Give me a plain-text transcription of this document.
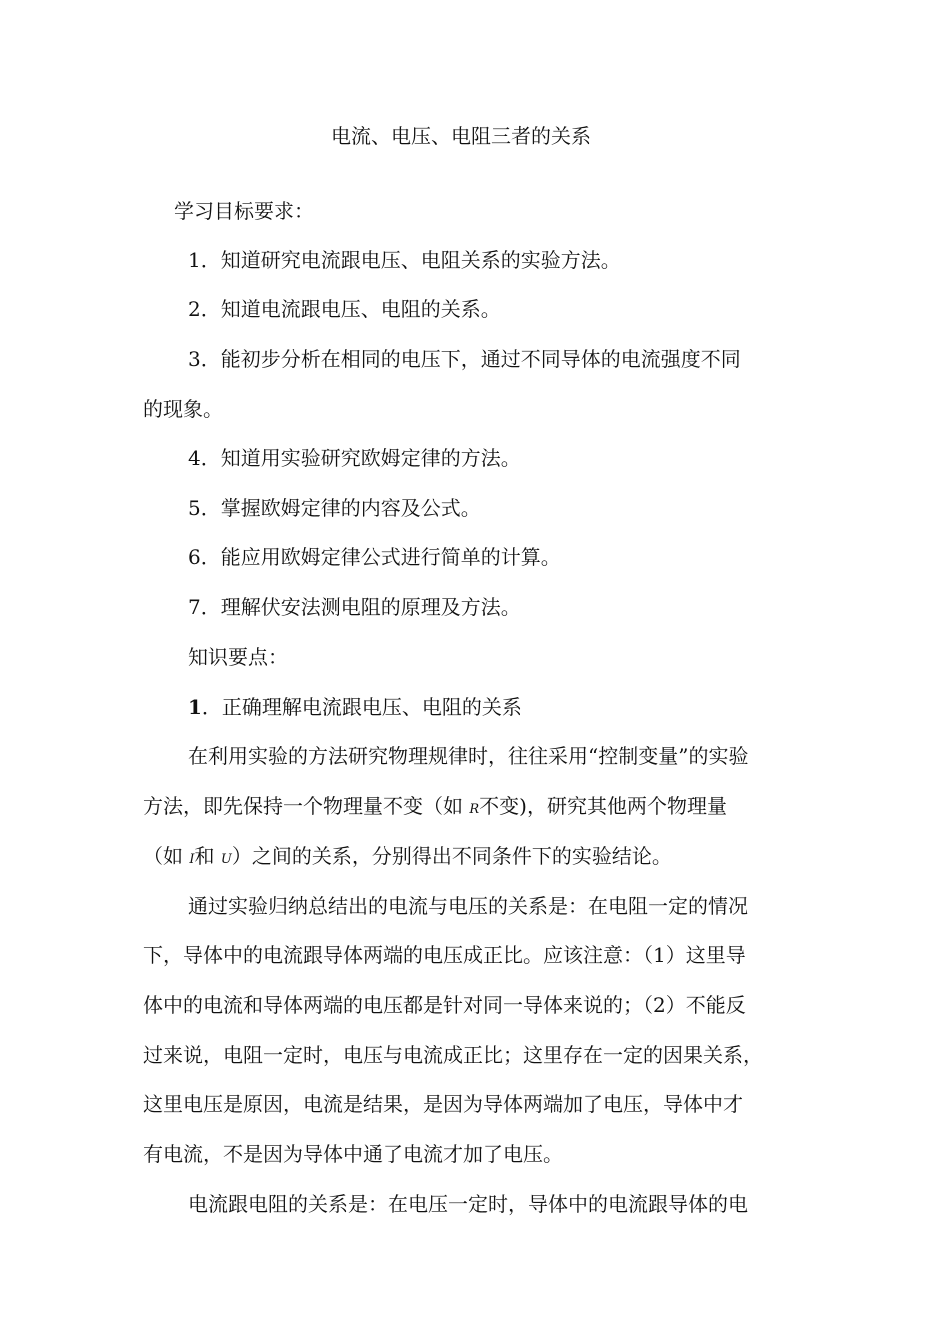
电流、电压、电阻三者的关系
学习目标要求：
1．知道研究电流跟电压、电阻关系的实验方法。
2．知道电流跟电压、电阻的关系。
3．能初步分析在相同的电压下，通过不同导体的电流强度不同
的现象。
4．知道用实验研究欧姆定律的方法。
5．掌握欧姆定律的内容及公式。
6．能应用欧姆定律公式进行简单的计算。
7．理解伏安法测电阻的原理及方法。
知识要点：
1．正确理解电流跟电压、电阻的关系
在利用实验的方法研究物理规律时，往往采用“控制变量”的实验
方法，即先保持一个物理量不变（如 R不变)，研究其他两个物理量
（如 I和 U）之间的关系，分别得出不同条件下的实验结论。
通过实验归纳总结出的电流与电压的关系是：在电阻一定的情况
下，导体中的电流跟导体两端的电压成正比。应该注意：（1）这里导
体中的电流和导体两端的电压都是针对同一导体来说的；（2）不能反
过来说，电阻一定时，电压与电流成正比；这里存在一定的因果关系，
这里电压是原因，电流是结果，是因为导体两端加了电压，导体中才
有电流，不是因为导体中通了电流才加了电压。
电流跟电阻的关系是：在电压一定时，导体中的电流跟导体的电
